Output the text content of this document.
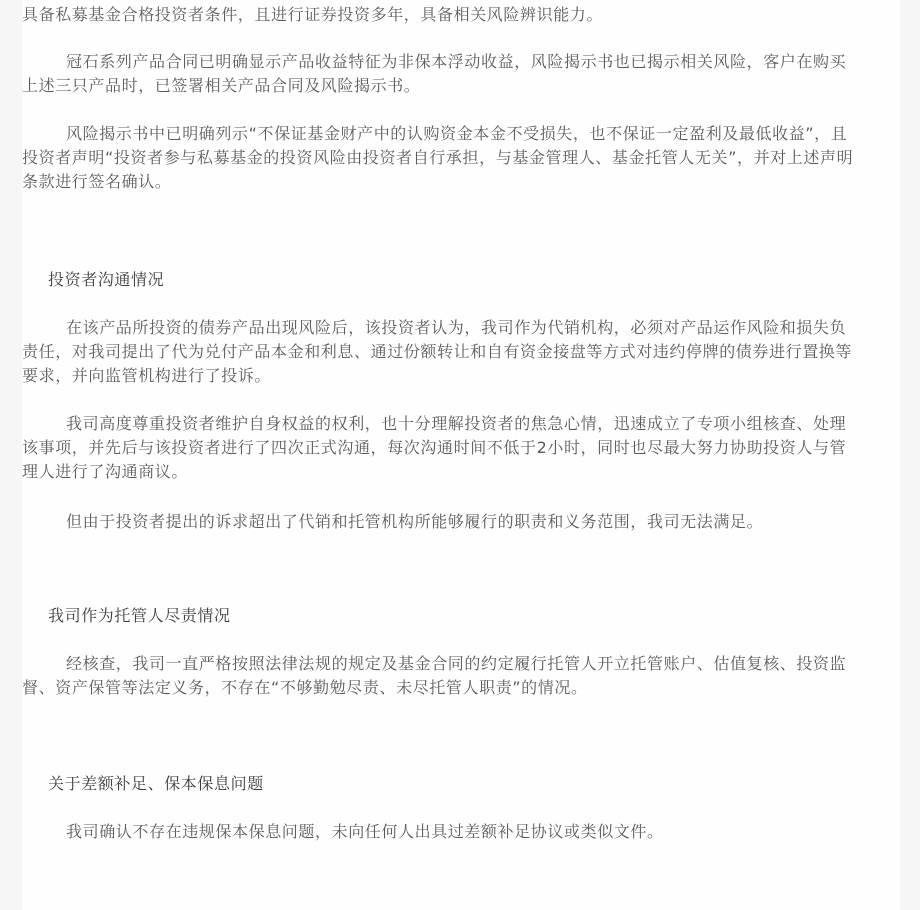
具备私募基金合格投资者条件，且进行证券投资多年，具备相关风险辨识能力。

冠石系列产品合同已明确显示产品收益特征为非保本浮动收益，风险揭示书也已揭示相关风险，客户在购买上述三只产品时，已签署相关产品合同及风险揭示书。

风险揭示书中已明确列示“不保证基金财产中的认购资金本金不受损失，也不保证一定盈利及最低收益”，且投资者声明“投资者参与私募基金的投资风险由投资者自行承担，与基金管理人、基金托管人无关”，并对上述声明条款进行签名确认。

投资者沟通情况

在该产品所投资的债券产品出现风险后，该投资者认为，我司作为代销机构，必须对产品运作风险和损失负责任，对我司提出了代为兑付产品本金和利息、通过份额转让和自有资金接盘等方式对违约停牌的债券进行置换等要求，并向监管机构进行了投诉。

我司高度尊重投资者维护自身权益的权利，也十分理解投资者的焦急心情，迅速成立了专项小组核查、处理该事项，并先后与该投资者进行了四次正式沟通，每次沟通时间不低于2小时，同时也尽最大努力协助投资人与管理人进行了沟通商议。

但由于投资者提出的诉求超出了代销和托管机构所能够履行的职责和义务范围，我司无法满足。

我司作为托管人尽责情况

经核查，我司一直严格按照法律法规的规定及基金合同的约定履行托管人开立托管账户、估值复核、投资监督、资产保管等法定义务，不存在“不够勤勉尽责、未尽托管人职责”的情况。

关于差额补足、保本保息问题

我司确认不存在违规保本保息问题，未向任何人出具过差额补足协议或类似文件。
